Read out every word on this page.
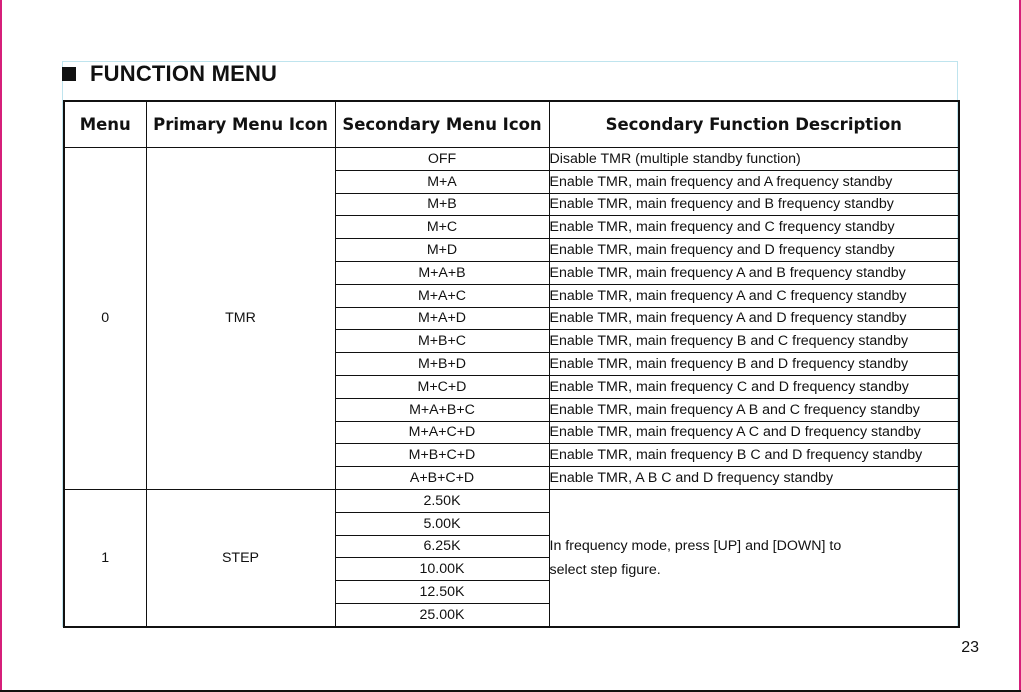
FUNCTION MENU
Menu	Primary Menu Icon	Secondary Menu Icon	Secondary Function Description
0	TMR	OFF	Disable TMR (multiple standby function)
		M+A	Enable TMR, main frequency and A frequency standby
		M+B	Enable TMR, main frequency and B frequency standby
		M+C	Enable TMR, main frequency and C frequency standby
		M+D	Enable TMR, main frequency and D frequency standby
		M+A+B	Enable TMR, main frequency A and B frequency standby
		M+A+C	Enable TMR, main frequency A and C frequency standby
		M+A+D	Enable TMR, main frequency A and D frequency standby
		M+B+C	Enable TMR, main frequency B and C frequency standby
		M+B+D	Enable TMR, main frequency B and D frequency standby
		M+C+D	Enable TMR, main frequency C and D frequency standby
		M+A+B+C	Enable TMR, main frequency A B and C frequency standby
		M+A+C+D	Enable TMR, main frequency A C and D frequency standby
		M+B+C+D	Enable TMR, main frequency B C and D frequency standby
		A+B+C+D	Enable TMR, A B C and D frequency standby
1	STEP	2.50K	In frequency mode, press [UP] and [DOWN] to
select step figure.

		5.00K	
		6.25K	
		10.00K	
		12.50K	
		25.00K	
23
